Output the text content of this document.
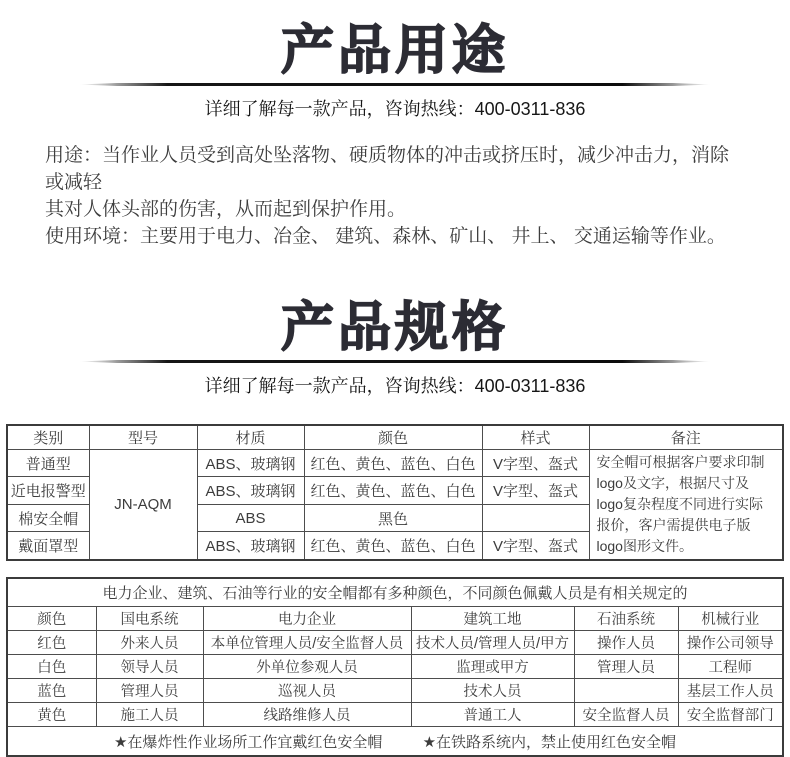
产品用途
详细了解每一款产品，咨询热线：400-0311-836
用途：当作业人员受到高处坠落物、硬质物体的冲击或挤压时，减少冲击力，消除或减轻
其对人体头部的伤害，从而起到保护作用。
使用环境：主要用于电力、冶金、 建筑、森林、矿山、 井上、 交通运输等作业。
产品规格
详细了解每一款产品，咨询热线：400-0311-836
类别	型号	材质	颜色	样式	备注
普通型	JN-AQM	ABS、玻璃钢	红色、黄色、蓝色、白色	V字型、盔式	安全帽可根据客户要求印制logo及文字，根据尺寸及logo复杂程度不同进行实际报价，客户需提供电子版logo图形文件。
近电报警型		ABS、玻璃钢	红色、黄色、蓝色、白色	V字型、盔式	
棉安全帽		ABS	黑色		
戴面罩型		ABS、玻璃钢	红色、黄色、蓝色、白色	V字型、盔式	
电力企业、建筑、石油等行业的安全帽都有多种颜色，不同颜色佩戴人员是有相关规定的					
颜色	国电系统	电力企业	建筑工地	石油系统	机械行业
红色	外来人员	本单位管理人员/安全监督人员	技术人员/管理人员/甲方	操作人员	操作公司领导
白色	领导人员	外单位参观人员	监理或甲方	管理人员	工程师
蓝色	管理人员	巡视人员	技术人员		基层工作人员
黄色	施工人员	线路维修人员	普通工人	安全监督人员	安全监督部门
★在爆炸性作业场所工作宜戴红色安全帽 ★在铁路系统内，禁止使用红色安全帽					
